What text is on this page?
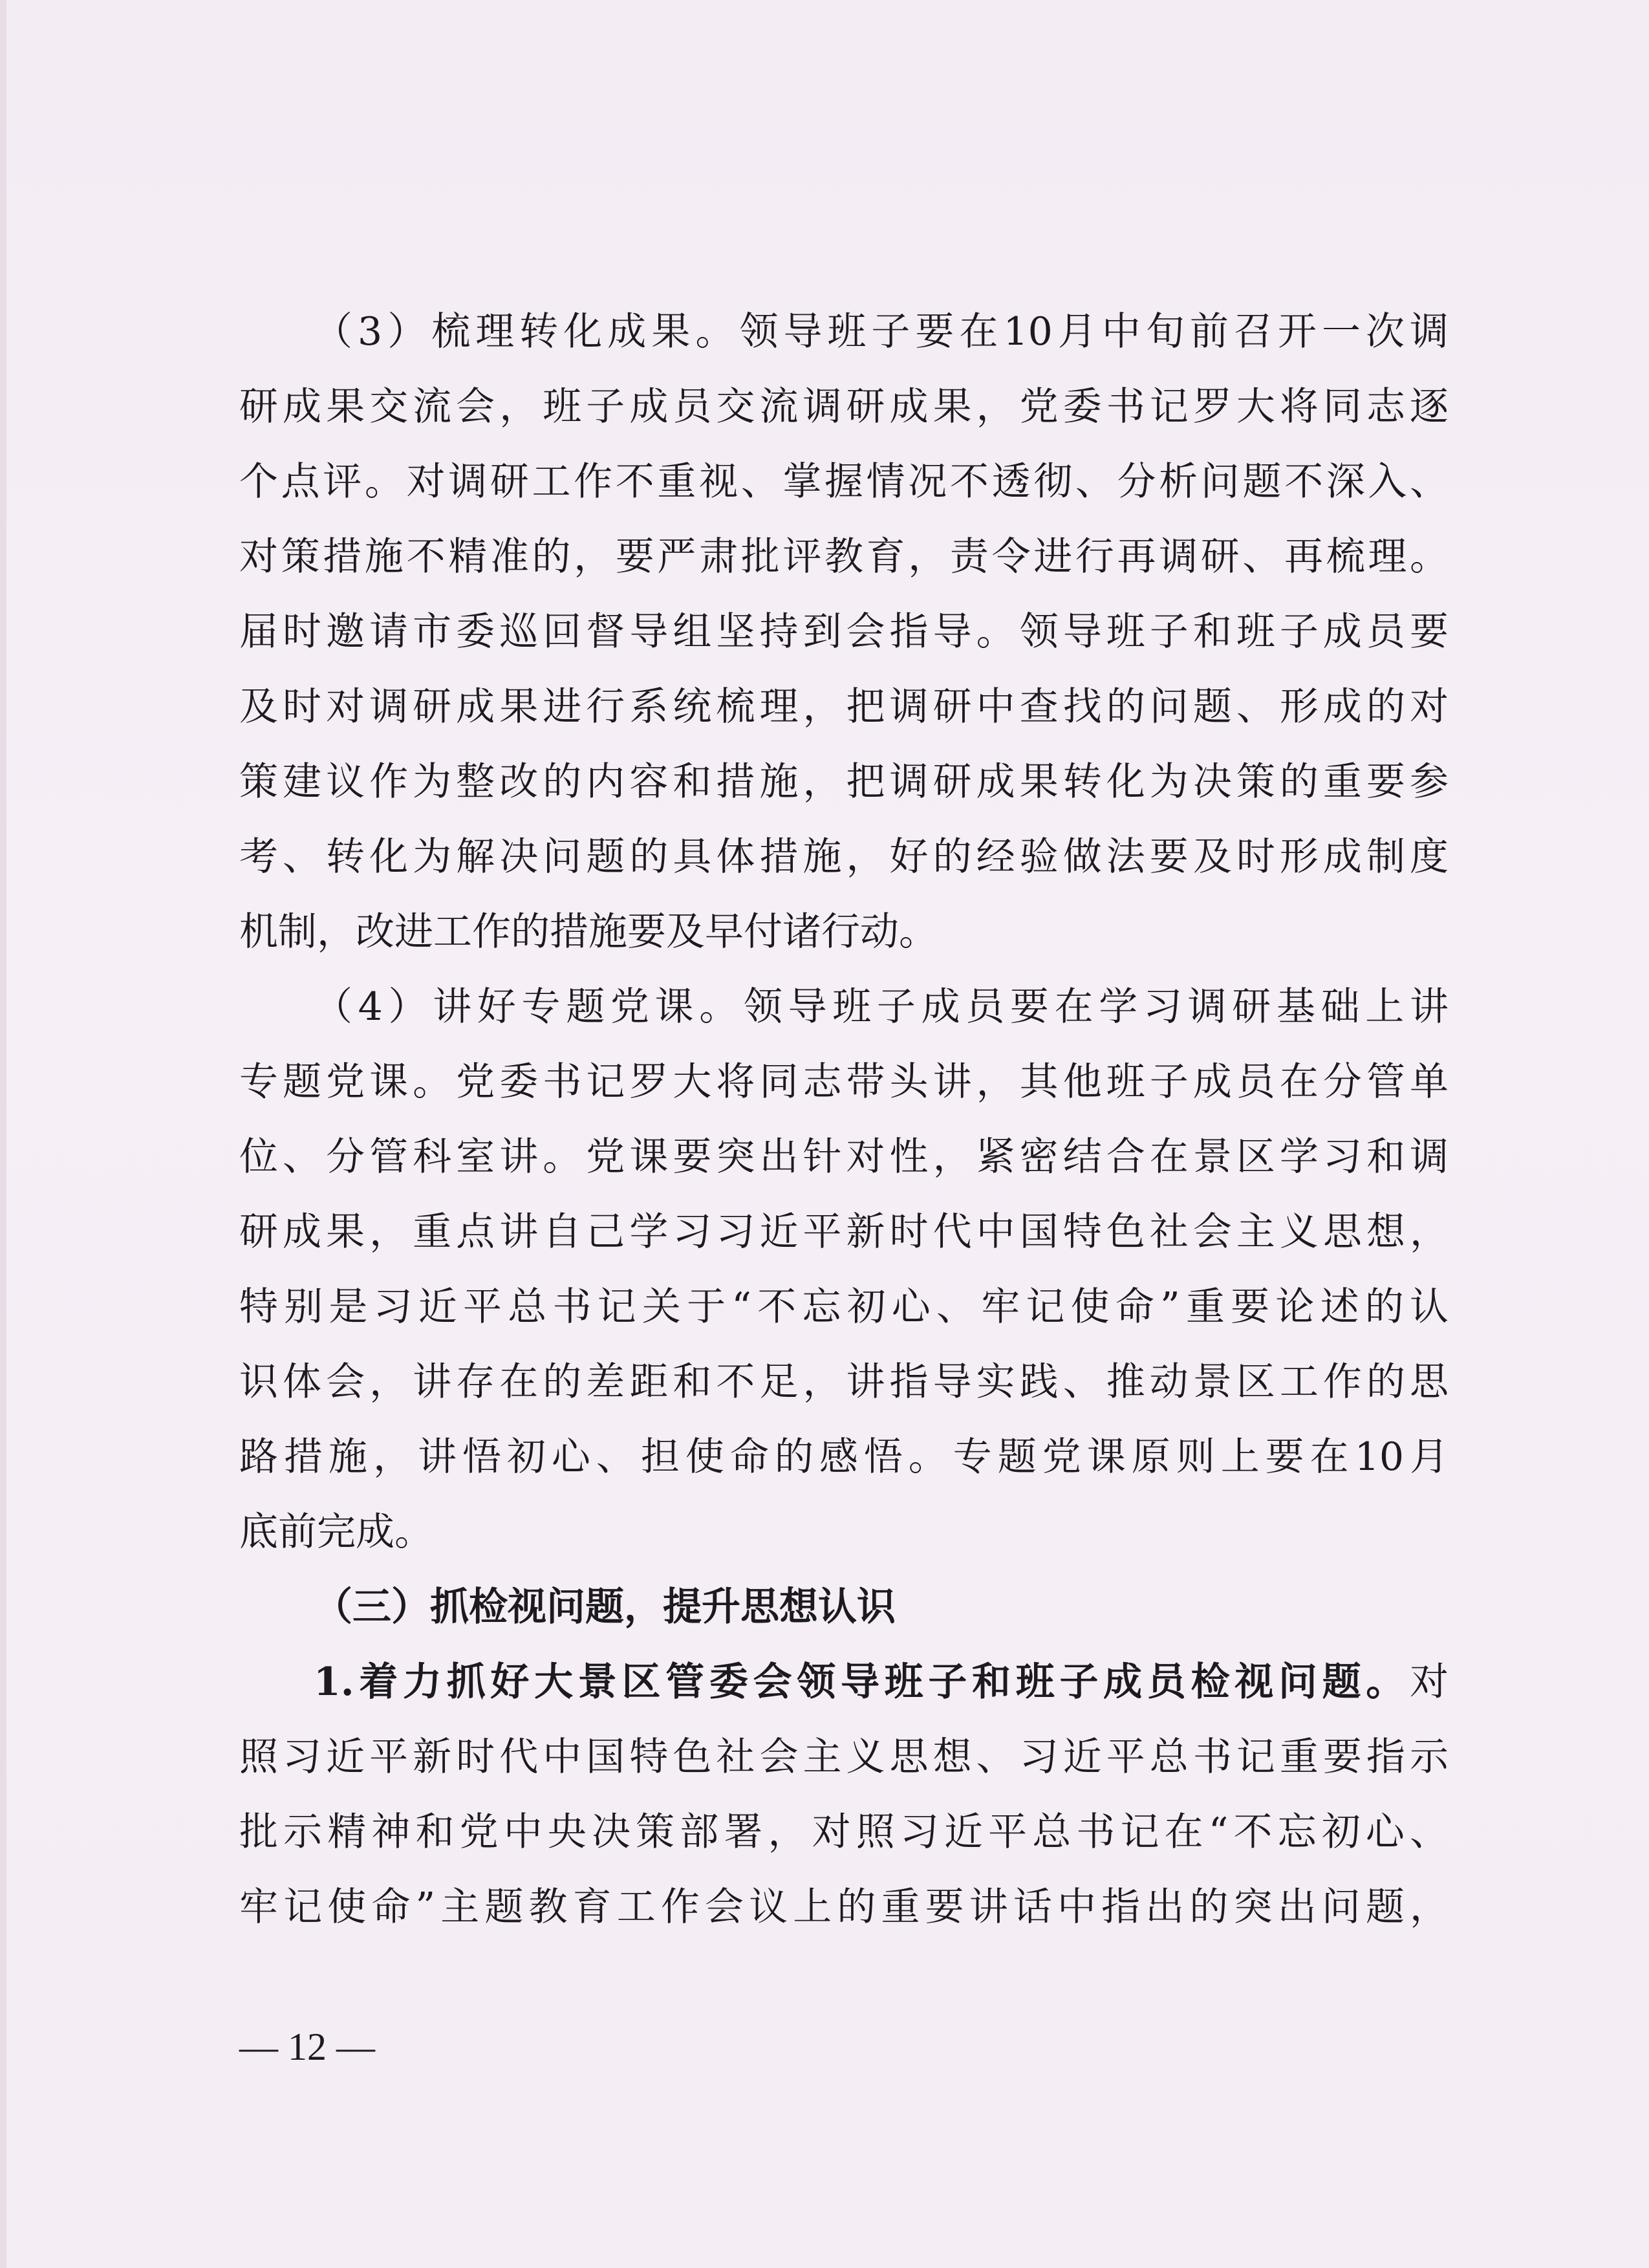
（3）梳理转化成果。领导班子要在10月中旬前召开一次调
研成果交流会，班子成员交流调研成果，党委书记罗大将同志逐
个点评。对调研工作不重视、掌握情况不透彻、分析问题不深入、
对策措施不精准的，要严肃批评教育，责令进行再调研、再梳理。
届时邀请市委巡回督导组坚持到会指导。领导班子和班子成员要
及时对调研成果进行系统梳理，把调研中查找的问题、形成的对
策建议作为整改的内容和措施，把调研成果转化为决策的重要参
考、转化为解决问题的具体措施，好的经验做法要及时形成制度
机制，改进工作的措施要及早付诸行动。
（4）讲好专题党课。领导班子成员要在学习调研基础上讲
专题党课。党委书记罗大将同志带头讲，其他班子成员在分管单
位、分管科室讲。党课要突出针对性，紧密结合在景区学习和调
研成果，重点讲自己学习习近平新时代中国特色社会主义思想，
特别是习近平总书记关于“不忘初心、牢记使命”重要论述的认
识体会，讲存在的差距和不足，讲指导实践、推动景区工作的思
路措施，讲悟初心、担使命的感悟。专题党课原则上要在10月
底前完成。
（三）抓检视问题，提升思想认识
1.着力抓好大景区管委会领导班子和班子成员检视问题。对
照习近平新时代中国特色社会主义思想、习近平总书记重要指示
批示精神和党中央决策部署，对照习近平总书记在“不忘初心、
牢记使命”主题教育工作会议上的重要讲话中指出的突出问题，
— 12 —
